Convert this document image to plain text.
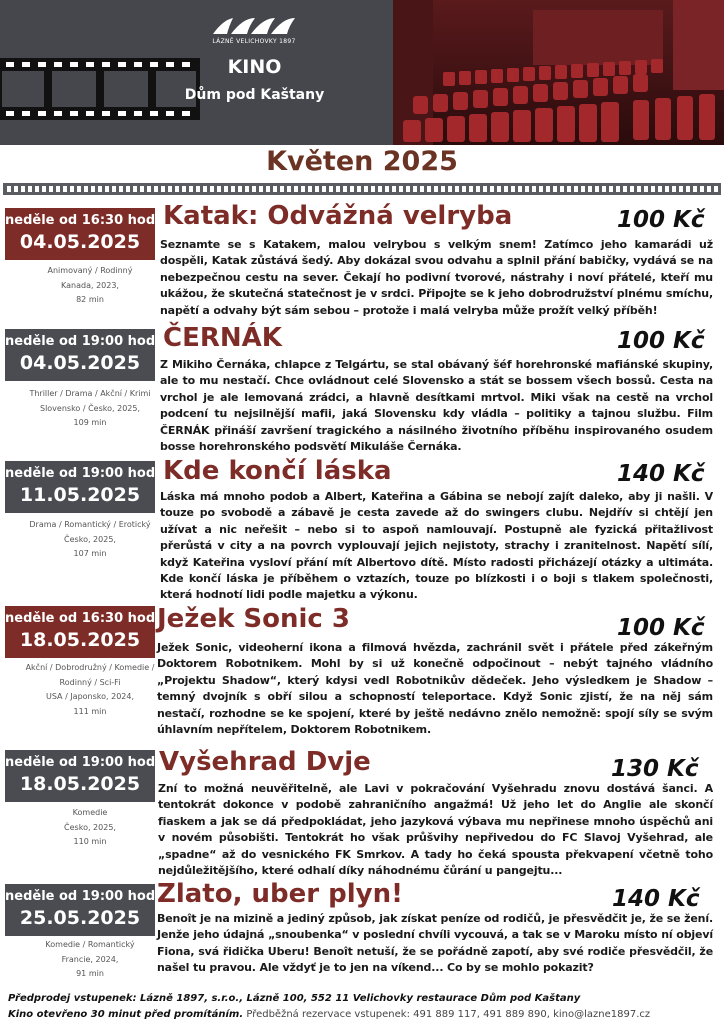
LÁZNĚ VELICHOVKY 1897
KINO
Dům pod Kaštany
Květen 2025
neděle od 16:30 hod
04.05.2025
Animovaný / Rodinný
Kanada, 2023,
82 min
Katak: Odvážná velryba	100 Kč
Seznamte se s Katakem, malou velrybou s velkým snem! Zatímco jeho kamarádi už dospěli, Katak zůstává šedý. Aby dokázal svou odvahu a splnil přání babičky, vydává se na nebezpečnou cestu na sever. Čekají ho podivní tvorové, nástrahy i noví přátelé, kteří mu ukážou, že skutečná statečnost je v srdci. Připojte se k jeho dobrodružství plnému smíchu, napětí a odvahy být sám sebou – protože i malá velryba může prožít velký příběh!
neděle od 19:00 hod
04.05.2025
Thriller / Drama / Akční / Krimi
Slovensko / Česko, 2025,
109 min
ČERNÁK	100 Kč
Z Mikiho Černáka, chlapce z Telgártu, se stal obávaný šéf horehronské mafiánské skupiny, ale to mu nestačí. Chce ovládnout celé Slovensko a stát se bossem všech bossů. Cesta na vrchol je ale lemovaná zrádci, a hlavně desítkami mrtvol. Miki však na cestě na vrchol podcení tu nejsilnější mafii, jaká Slovensku kdy vládla – politiky a tajnou službu. Film ČERNÁK přináší završení tragického a násilného životního příběhu inspirovaného osudem bosse horehronského podsvětí Mikuláše Černáka.
neděle od 19:00 hod
11.05.2025
Drama / Romantický / Erotický
Česko, 2025,
107 min
Kde končí láska	140 Kč
Láska má mnoho podob a Albert, Kateřina a Gábina se nebojí zajít daleko, aby ji našli. V touze po svobodě a zábavě je cesta zavede až do swingers clubu. Nejdřív si chtějí jen užívat a nic neřešit – nebo si to aspoň namlouvají. Postupně ale fyzická přitažlivost přerůstá v city a na povrch vyplouvají jejich nejistoty, strachy i zranitelnost. Napětí sílí, když Kateřina vysloví přání mít Albertovo dítě. Místo radosti přicházejí otázky a ultimáta. Kde končí láska je příběhem o vztazích, touze po blízkosti i o boji s tlakem společnosti, která hodnotí lidi podle majetku a výkonu.
neděle od 16:30 hod
18.05.2025
Akční / Dobrodružný / Komedie /
Rodinný / Sci-Fi
USA / Japonsko, 2024,
111 min
Ježek Sonic 3	100 Kč
Ježek Sonic, videoherní ikona a filmová hvězda, zachránil svět i přátele před zákeřným Doktorem Robotnikem. Mohl by si už konečně odpočinout – nebýt tajného vládního „Projektu Shadow“, který kdysi vedl Robotnikův dědeček. Jeho výsledkem je Shadow – temný dvojník s obří silou a schopností teleportace. Když Sonic zjistí, že na něj sám nestačí, rozhodne se ke spojení, které by ještě nedávno znělo nemožně: spojí síly se svým úhlavním nepřítelem, Doktorem Robotnikem.
neděle od 19:00 hod
18.05.2025
Komedie
Česko, 2025,
110 min
Vyšehrad Dvje	130 Kč
Zní to možná neuvěřitelně, ale Lavi v pokračování Vyšehradu znovu dostává šanci. A tentokrát dokonce v podobě zahraničního angažmá! Už jeho let do Anglie ale skončí fiaskem a jak se dá předpokládat, jeho jazyková výbava mu nepřinese mnoho úspěchů ani v novém působišti. Tentokrát ho však průšvihy nepřivedou do FC Slavoj Vyšehrad, ale „spadne“ až do vesnického FK Smrkov. A tady ho čeká spousta překvapení včetně toho nejdůležitějšího, které odhalí díky náhodnému čůrání u pangejtu...
neděle od 19:00 hod
25.05.2025
Komedie / Romantický
Francie, 2024,
91 min
Zlato, uber plyn!	140 Kč
Benoît je na mizině a jediný způsob, jak získat peníze od rodičů, je přesvědčit je, že se žení. Jenže jeho údajná „snoubenka“ v poslední chvíli vycouvá, a tak se v Maroku místo ní objeví Fiona, svá řidička Uberu! Benoît netuší, že se pořádně zapotí, aby své rodiče přesvědčil, že našel tu pravou. Ale vždyť je to jen na víkend... Co by se mohlo pokazit?
Předprodej vstupenek: Lázně 1897, s.r.o., Lázně 100, 552 11 Velichovky restaurace Dům pod Kaštany
Kino otevřeno 30 minut před promítáním. Předběžná rezervace vstupenek: 491 889 117, 491 889 890, kino@lazne1897.cz
